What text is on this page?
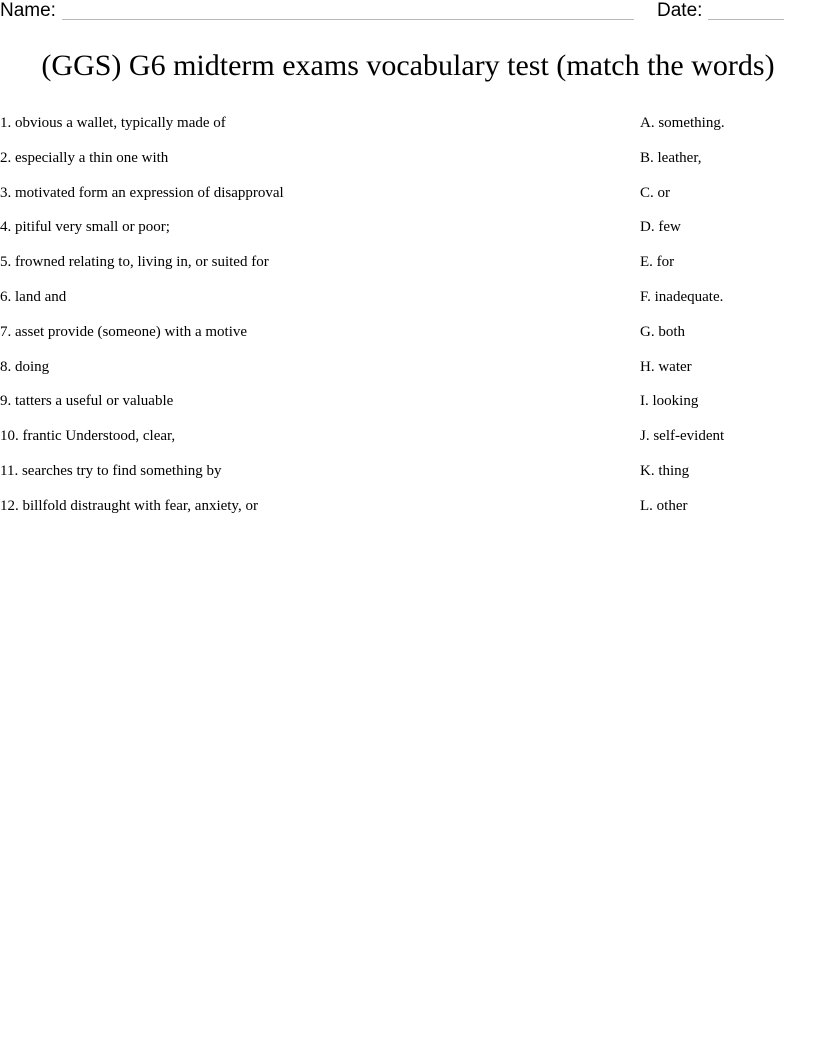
Name:	Date:
(GGS) G6 midterm exams vocabulary test (match the words)
1. obvious a wallet, typically made of
2. especially a thin one with
3. motivated form an expression of disapproval
4. pitiful very small or poor;
5. frowned relating to, living in, or suited for
6. land and
7. asset provide (someone) with a motive
8. doing
9. tatters a useful or valuable
10. frantic Understood, clear,
11. searches try to find something by
12. billfold distraught with fear, anxiety, or
A. something.
B. leather,
C. or
D. few
E. for
F. inadequate.
G. both
H. water
I. looking
J. self-evident
K. thing
L. other
